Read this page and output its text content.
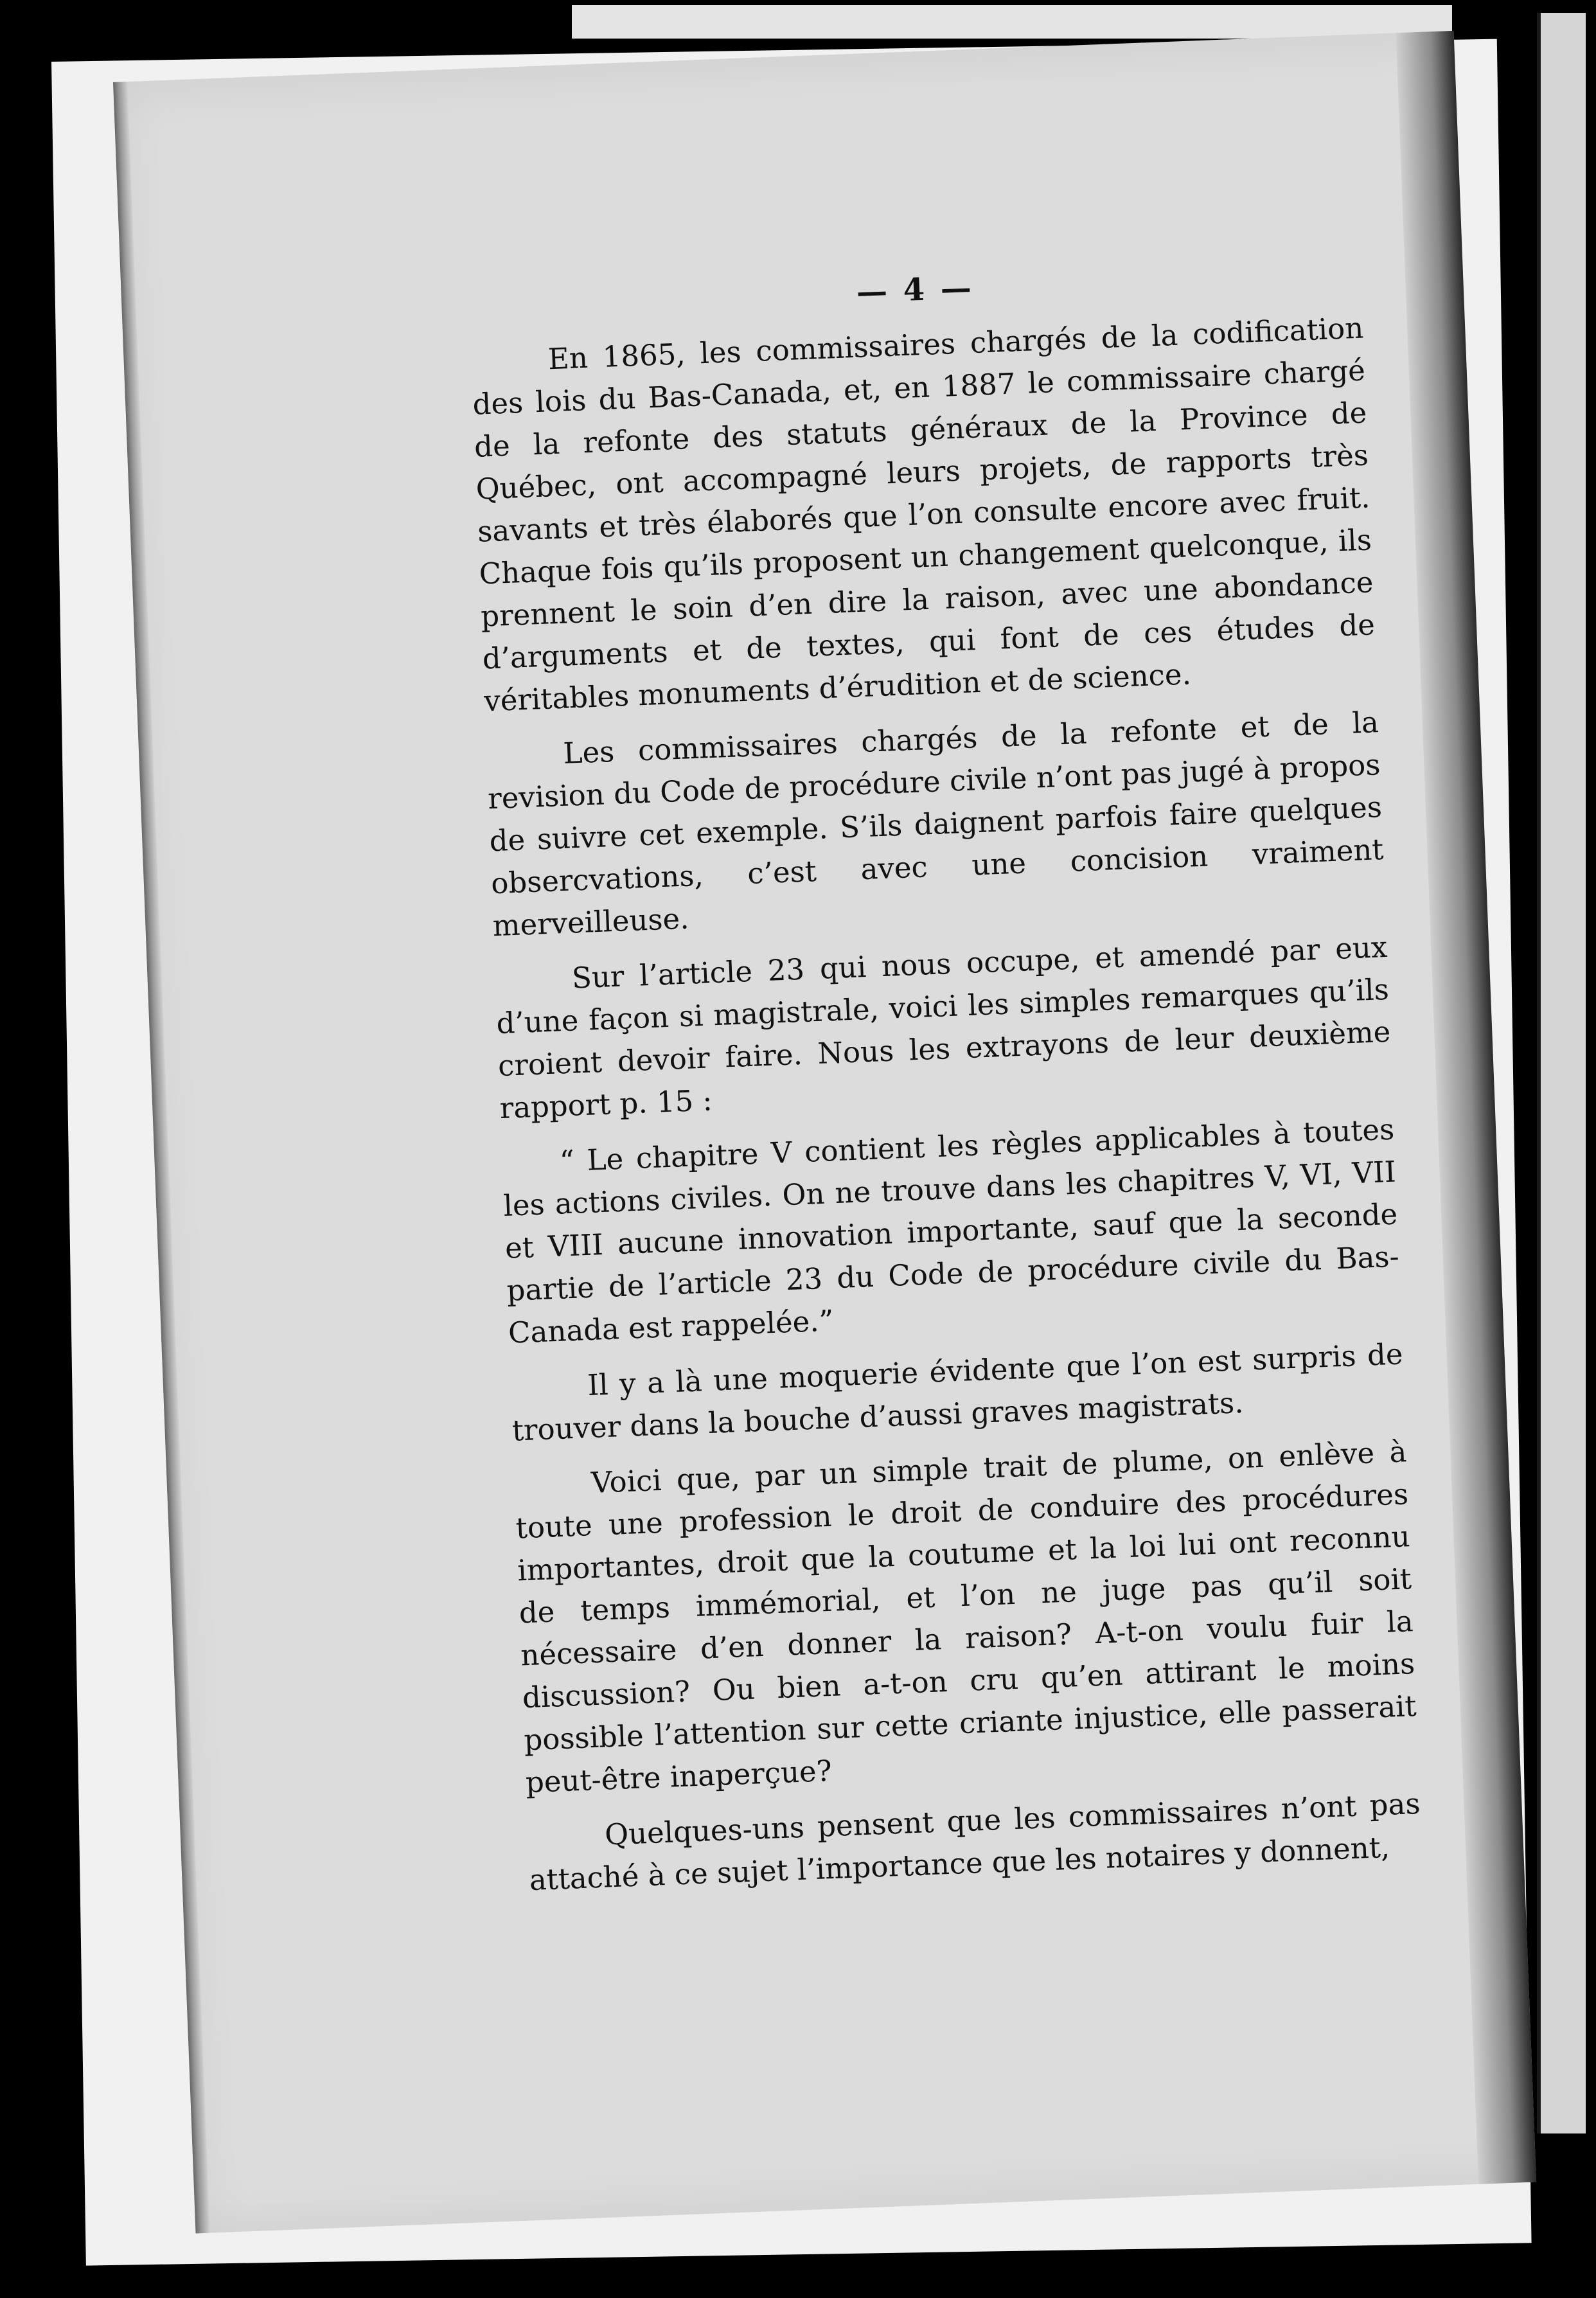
— 4 —

En 1865, les commissaires chargés de la codification des lois du Bas-Canada, et, en 1887 le commissaire chargé de la refonte des statuts généraux de la Province de Québec, ont accompagné leurs projets, de rapports très savants et très élaborés que l’on consulte encore avec fruit. Chaque fois qu’ils proposent un changement quelconque, ils prennent le soin d’en dire la raison, avec une abondance d’arguments et de textes, qui font de ces études de véritables monuments d’érudition et de science.

Les commissaires chargés de la refonte et de la revision du Code de procédure civile n’ont pas jugé à propos de suivre cet exemple. S’ils daignent parfois faire quelques obsercvations, c’est avec une concision vraiment merveilleuse.

Sur l’article 23 qui nous occupe, et amendé par eux d’une façon si magistrale, voici les simples remarques qu’ils croient devoir faire. Nous les extrayons de leur deuxième rapport p. 15 :

“ Le chapitre V contient les règles applicables à toutes les actions civiles. On ne trouve dans les chapitres V, VI, VII et VIII aucune innovation importante, sauf que la seconde partie de l’article 23 du Code de procédure civile du Bas-Canada est rappelée.”

Il y a là une moquerie évidente que l’on est surpris de trouver dans la bouche d’aussi graves magistrats.

Voici que, par un simple trait de plume, on enlève à toute une profession le droit de conduire des procédures importantes, droit que la coutume et la loi lui ont reconnu de temps immémorial, et l’on ne juge pas qu’il soit nécessaire d’en donner la raison? A-t-on voulu fuir la discussion? Ou bien a-t-on cru qu’en attirant le moins possible l’attention sur cette criante injustice, elle passerait peut-être inaperçue?

Quelques-uns pensent que les commissaires n’ont pas attaché à ce sujet l’importance que les notaires y donnent,
